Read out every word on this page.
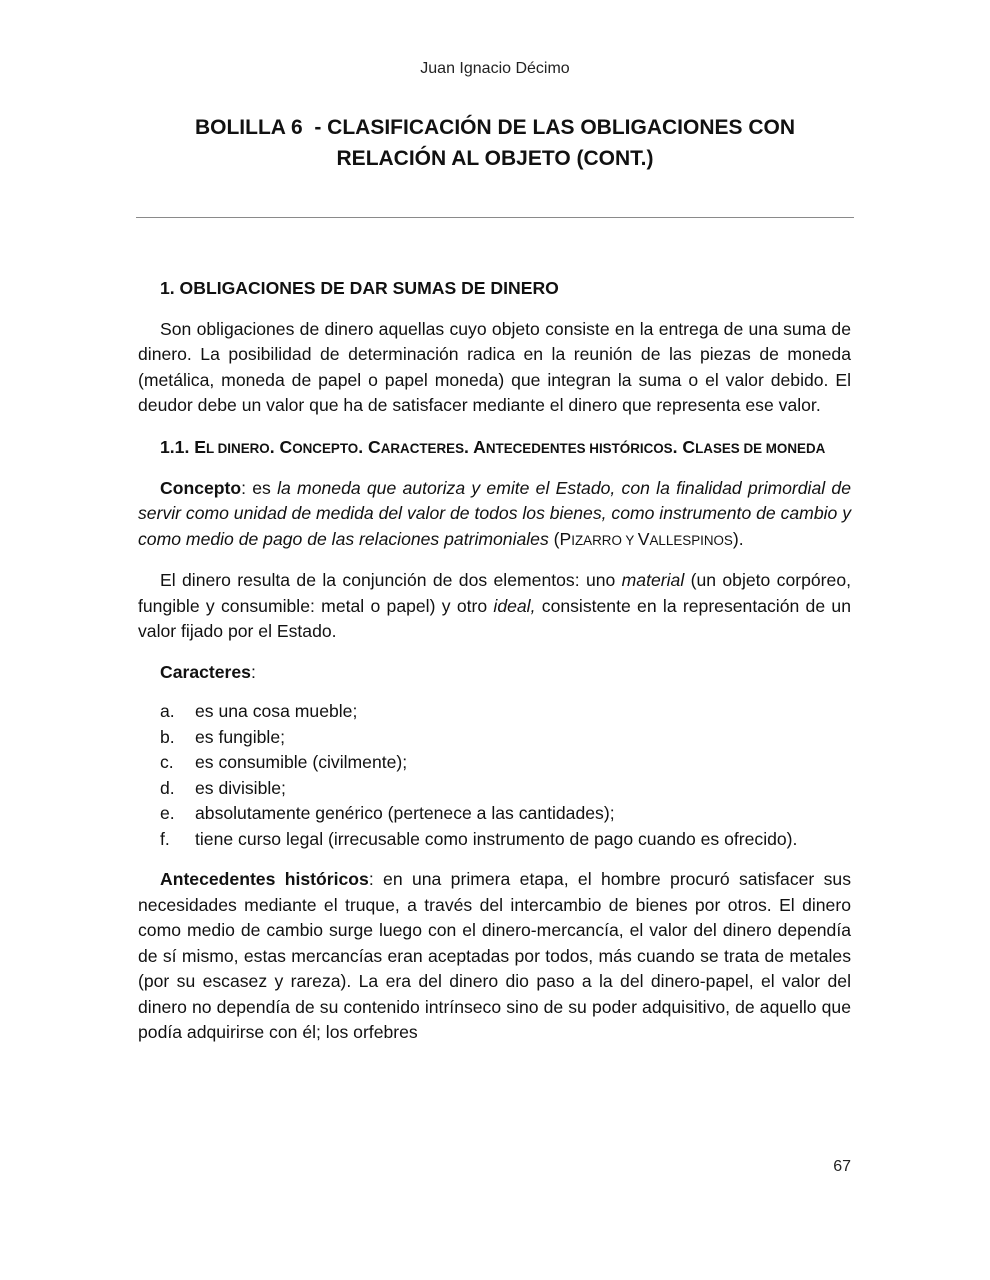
Juan Ignacio Décimo
BOLILLA 6  - CLASIFICACIÓN DE LAS OBLIGACIONES CON
RELACIÓN AL OBJETO (CONT.)

1. OBLIGACIONES DE DAR SUMAS DE DINERO

Son obligaciones de dinero aquellas cuyo objeto consiste en la entrega de una suma de dinero. La posibilidad de determinación radica en la reunión de las piezas de moneda (metálica, moneda de papel o papel moneda) que integran la suma o el valor debido. El deudor debe un valor que ha de satisfacer mediante el dinero que representa ese valor.

1.1. EL DINERO. CONCEPTO. CARACTERES. ANTECEDENTES HISTÓRICOS. CLASES DE MONEDA

Concepto: es la moneda que autoriza y emite el Estado, con la finalidad primordial de servir como unidad de medida del valor de todos los bienes, como instrumento de cambio y como medio de pago de las relaciones patrimoniales (PIZARRO Y VALLESPINOS).

El dinero resulta de la conjunción de dos elementos: uno material (un objeto corpóreo, fungible y consumible: metal o papel) y otro ideal, consistente en la representación de un valor fijado por el Estado.

Caracteres:

a. es una cosa mueble;
b. es fungible;
c. es consumible (civilmente);
d. es divisible;
e. absolutamente genérico (pertenece a las cantidades);
f. tiene curso legal (irrecusable como instrumento de pago cuando es ofrecido).

Antecedentes históricos: en una primera etapa, el hombre procuró satisfacer sus necesidades mediante el truque, a través del intercambio de bienes por otros. El dinero como medio de cambio surge luego con el dinero-mercancía, el valor del dinero dependía de sí mismo, estas mercancías eran aceptadas por todos, más cuando se trata de metales (por su escasez y rareza). La era del dinero dio paso a la del dinero-papel, el valor del dinero no dependía de su contenido intrínseco sino de su poder adquisitivo, de aquello que podía adquirirse con él; los orfebres

67
